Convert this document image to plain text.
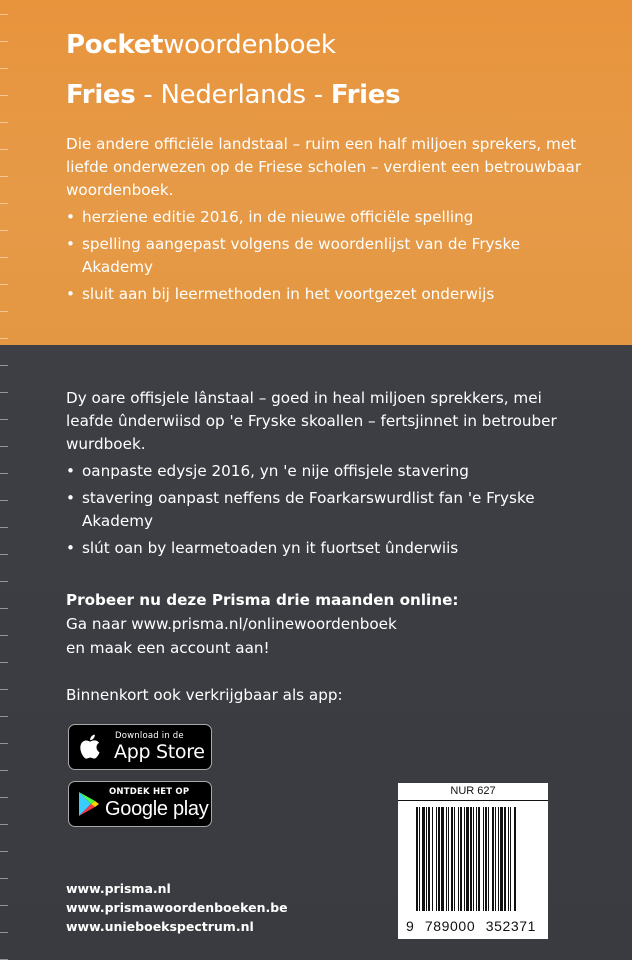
Pocketwoordenboek
Fries - Nederlands - Fries
Die andere officiële landstaal – ruim een half miljoen sprekers, met liefde onderwezen op de Friese scholen – verdient een betrouwbaar woordenboek.
• herziene editie 2016, in de nieuwe officiële spelling
• spelling aangepast volgens de woordenlijst van de Fryske Akademy
• sluit aan bij leermethoden in het voortgezet onderwijs
Dy oare offisjele lânstaal – goed in heal miljoen sprekkers, mei leafde ûnderwiisd op 'e Fryske skoallen – fertsjinnet in betrouber wurdboek.
• oanpaste edysje 2016, yn 'e nije offisjele stavering
• stavering oanpast neffens de Foarkarswurdlist fan 'e Fryske Akademy
• slút oan by learmetoaden yn it fuortset ûnderwiis
Probeer nu deze Prisma drie maanden online:
Ga naar www.prisma.nl/onlinewoordenboek
en maak een account aan!
Binnenkort ook verkrijgbaar als app:
Download in de
App Store
ONTDEK HET OP
Google play
www.prisma.nl
www.prismawoordenboeken.be
www.unieboekspectrum.nl
NUR 627
9 789000 352371
